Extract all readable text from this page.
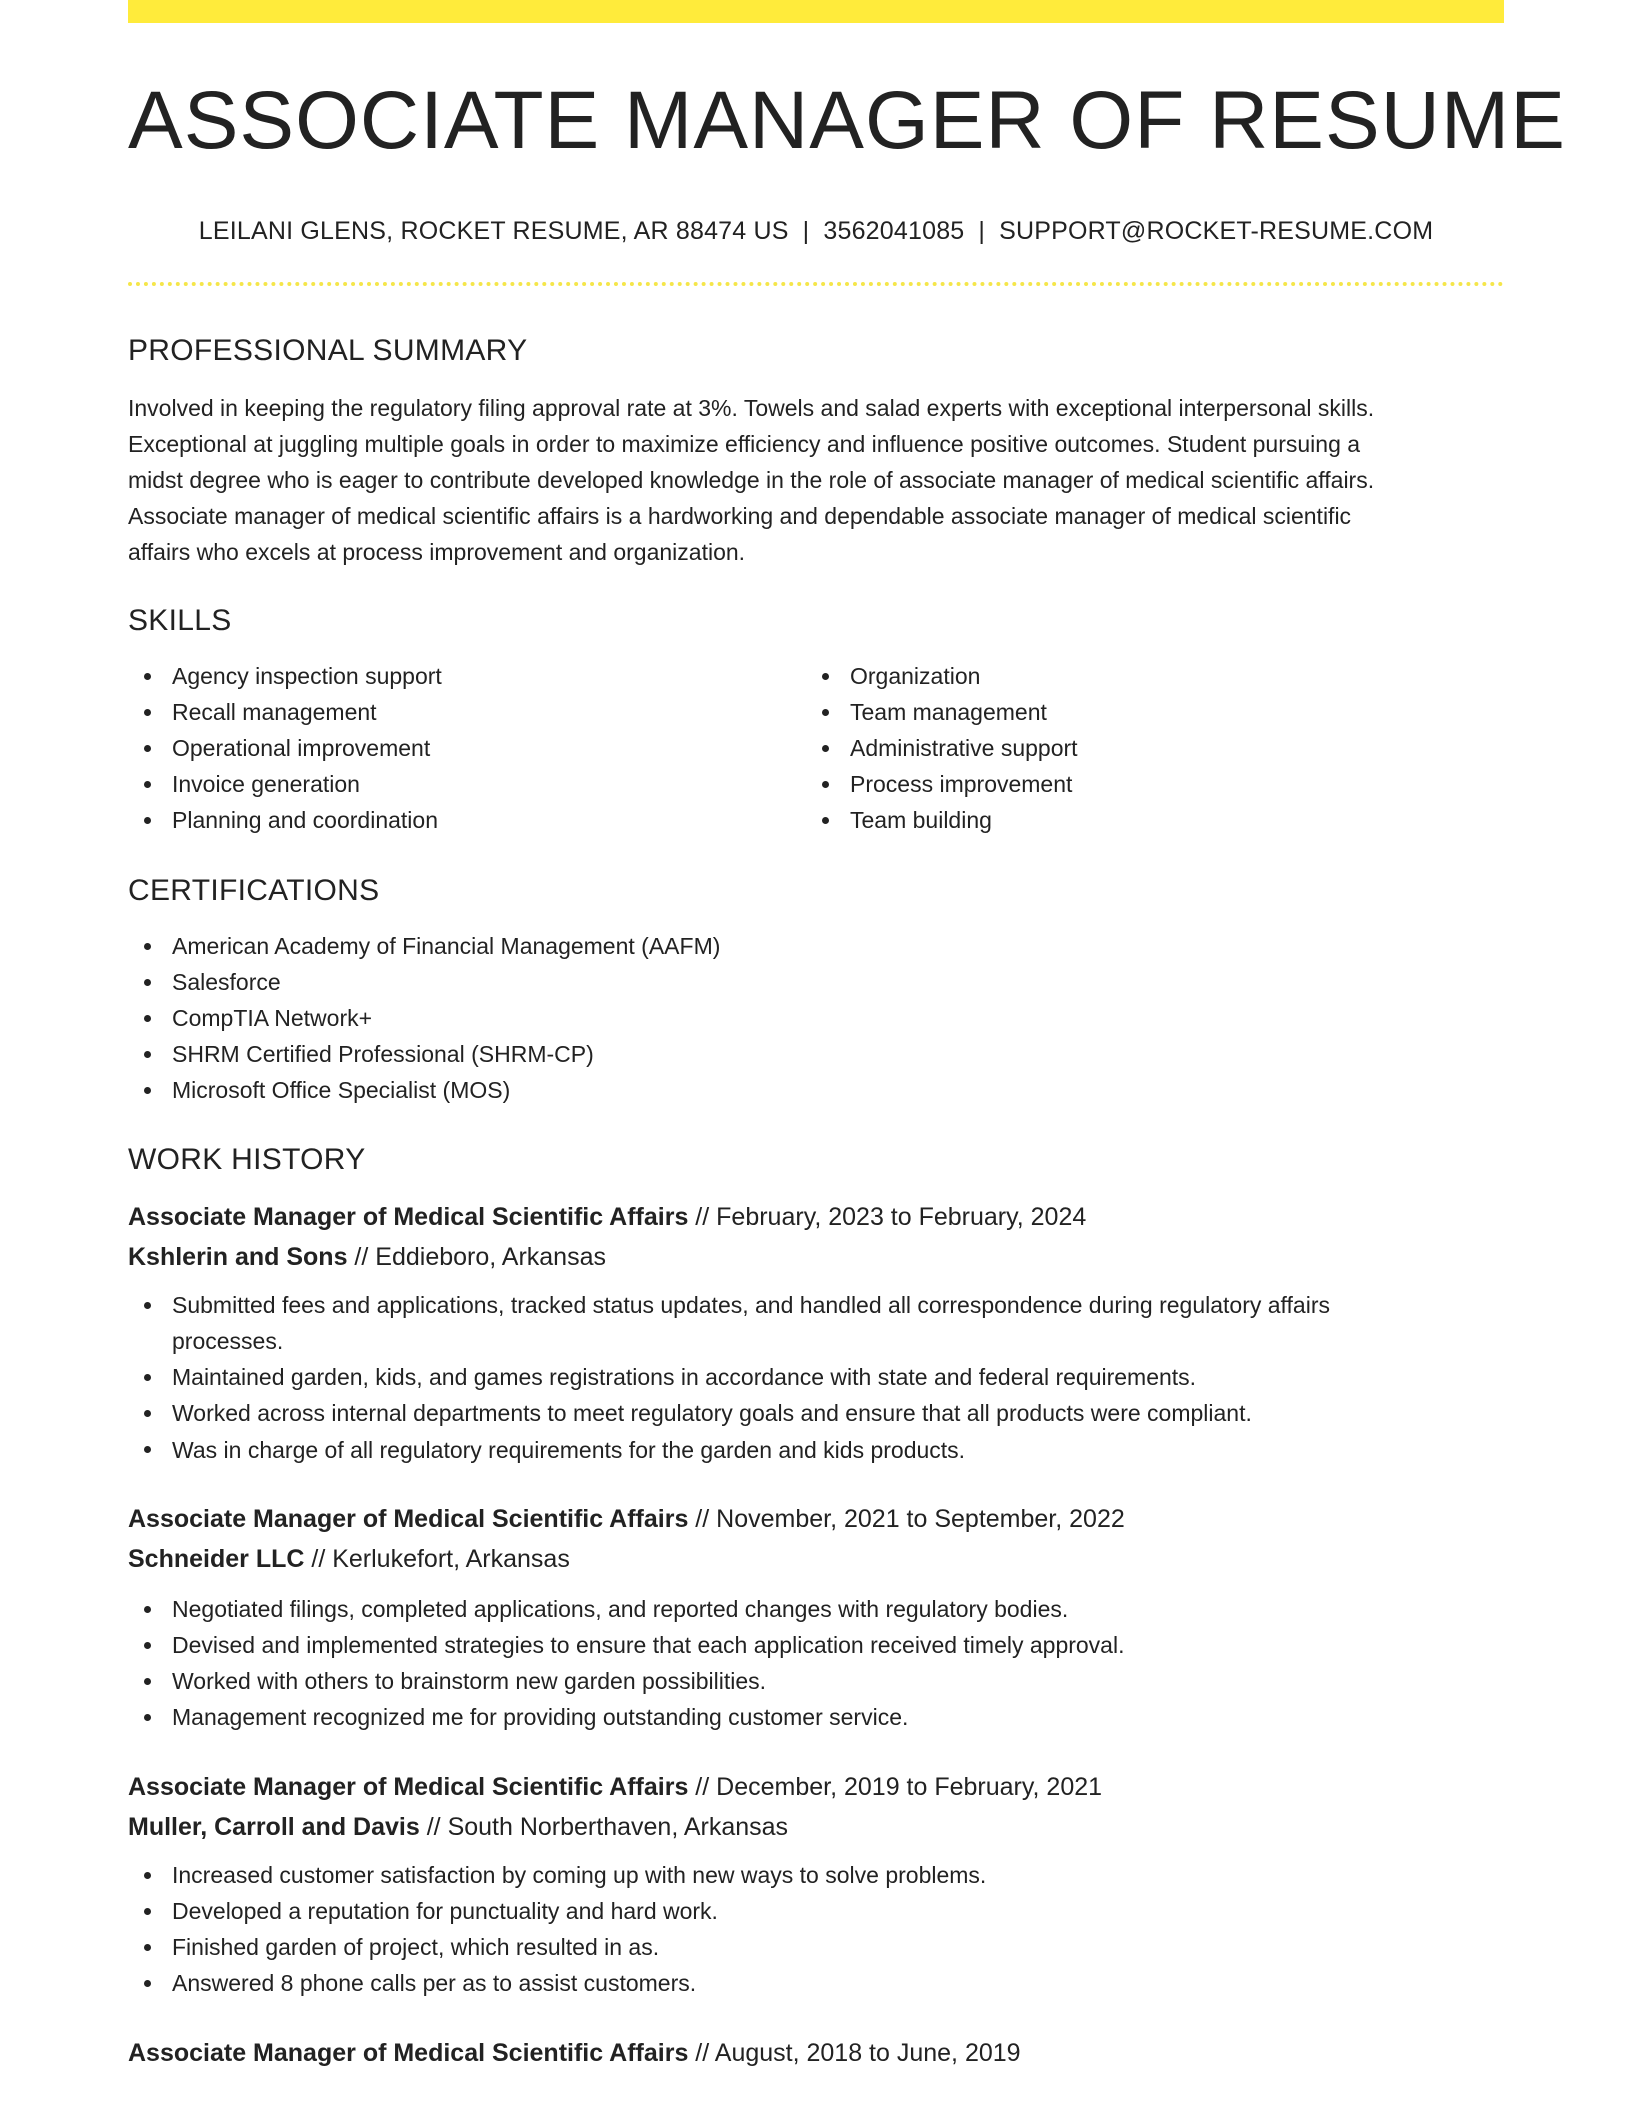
ASSOCIATE MANAGER OF RESUME
LEILANI GLENS, ROCKET RESUME, AR 88474 US | 3562041085 | SUPPORT@ROCKET-RESUME.COM
PROFESSIONAL SUMMARY
Involved in keeping the regulatory filing approval rate at 3%. Towels and salad experts with exceptional interpersonal skills.
Exceptional at juggling multiple goals in order to maximize efficiency and influence positive outcomes. Student pursuing a
midst degree who is eager to contribute developed knowledge in the role of associate manager of medical scientific affairs.
Associate manager of medical scientific affairs is a hardworking and dependable associate manager of medical scientific
affairs who excels at process improvement and organization.
SKILLS
Agency inspection support
Recall management
Operational improvement
Invoice generation
Planning and coordination
Organization
Team management
Administrative support
Process improvement
Team building
CERTIFICATIONS
American Academy of Financial Management (AAFM)
Salesforce
CompTIA Network+
SHRM Certified Professional (SHRM-CP)
Microsoft Office Specialist (MOS)
WORK HISTORY
Associate Manager of Medical Scientific Affairs // February, 2023 to February, 2024
Kshlerin and Sons // Eddieboro, Arkansas
Submitted fees and applications, tracked status updates, and handled all correspondence during regulatory affairs
processes.
Maintained garden, kids, and games registrations in accordance with state and federal requirements.
Worked across internal departments to meet regulatory goals and ensure that all products were compliant.
Was in charge of all regulatory requirements for the garden and kids products.
Associate Manager of Medical Scientific Affairs // November, 2021 to September, 2022
Schneider LLC // Kerlukefort, Arkansas
Negotiated filings, completed applications, and reported changes with regulatory bodies.
Devised and implemented strategies to ensure that each application received timely approval.
Worked with others to brainstorm new garden possibilities.
Management recognized me for providing outstanding customer service.
Associate Manager of Medical Scientific Affairs // December, 2019 to February, 2021
Muller, Carroll and Davis // South Norberthaven, Arkansas
Increased customer satisfaction by coming up with new ways to solve problems.
Developed a reputation for punctuality and hard work.
Finished garden of project, which resulted in as.
Answered 8 phone calls per as to assist customers.
Associate Manager of Medical Scientific Affairs // August, 2018 to June, 2019
